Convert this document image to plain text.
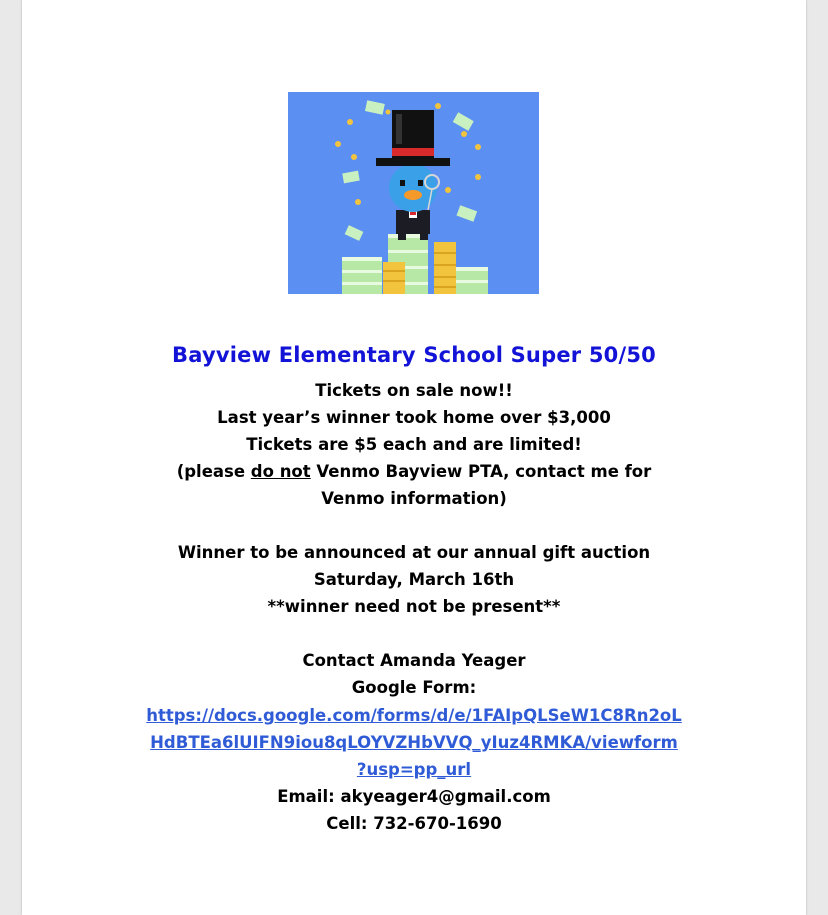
Bayview Elementary School Super 50/50
Tickets on sale now!!
Last year’s winner took home over $3,000
Tickets are $5 each and are limited!
(please do not Venmo Bayview PTA, contact me for
Venmo information)
Winner to be announced at our annual gift auction
Saturday, March 16th
**winner need not be present**
Contact Amanda Yeager
Google Form:
https://docs.google.com/forms/d/e/1FAIpQLSeW1C8Rn2oL
HdBTEa6lUIFN9iou8qLOYVZHbVVQ_yIuz4RMKA/viewform
?usp=pp_url
Email: akyeager4@gmail.com
Cell: 732-670-1690
